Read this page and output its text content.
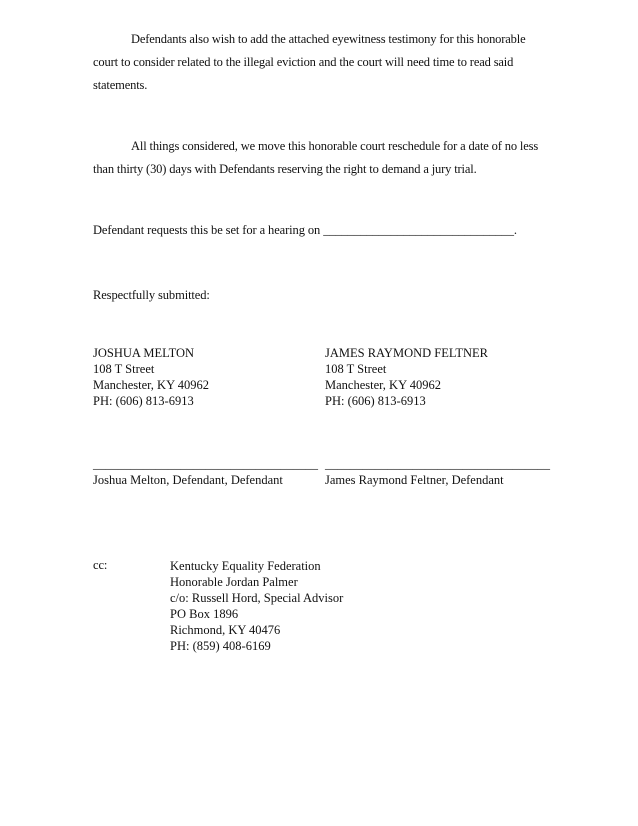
Defendants also wish to add the attached eyewitness testimony for this honorable court to consider related to the illegal eviction and the court will need time to read said statements.

All things considered, we move this honorable court reschedule for a date of no less than thirty (30) days with Defendants reserving the right to demand a jury trial.

Defendant requests this be set for a hearing on _______________________________.
Respectfully submitted:
JOSHUA MELTON
108 T Street
Manchester, KY 40962
PH: (606) 813-6913
JAMES RAYMOND FELTNER
108 T Street
Manchester, KY 40962
PH: (606) 813-6913
____________________________________
Joshua Melton, Defendant, Defendant
____________________________________
James Raymond Feltner, Defendant
cc:	Kentucky Equality Federation
Honorable Jordan Palmer
c/o: Russell Hord, Special Advisor
PO Box 1896
Richmond, KY 40476
PH: (859) 408-6169
